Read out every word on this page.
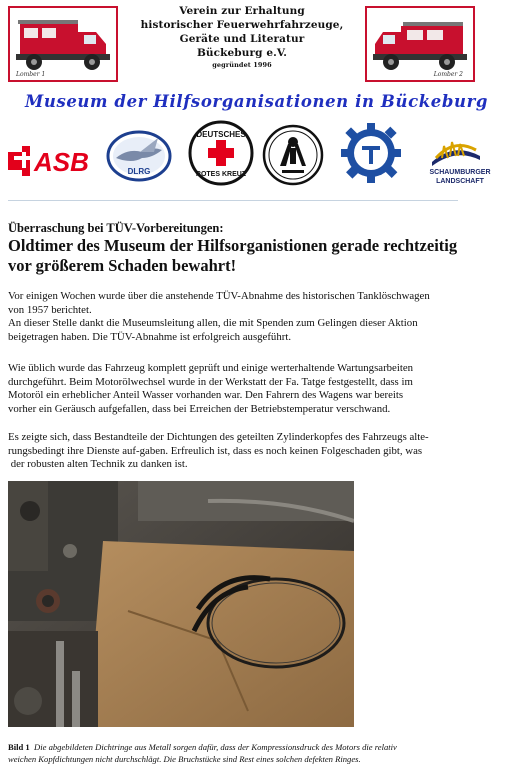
Lomber 1
Verein zur Erhaltung
historischer Feuerwehrfahrzeuge,
Geräte und Literatur
Bückeburg e.V.
gegründet 1996
Lomber 2
Museum der Hilfsorganisationen in Bückeburg
ASB	DLRG
DEUTSCHES
ROTES KREUZ
THW
SCHAUMBURGER
LANDSCHAFT
Überraschung bei TÜV-Vorbereitungen:
Oldtimer des Museum der Hilfsorganistionen gerade rechtzeitig
vor größerem Schaden bewahrt!
Vor einigen Wochen wurde über die anstehende TÜV-Abnahme des historischen Tanklöschwagen
von 1957 berichtet.
An dieser Stelle dankt die Museumsleitung allen, die mit Spenden zum Gelingen dieser Aktion
beigetragen haben. Die TÜV-Abnahme ist erfolgreich ausgeführt.
Wie üblich wurde das Fahrzeug komplett geprüft und einige werterhaltende Wartungsarbeiten
durchgeführt. Beim Motorölwechsel wurde in der Werkstatt der Fa. Tatge festgestellt, dass im
Motoröl ein erheblicher Anteil Wasser vorhanden war. Den Fahrern des Wagens war bereits
vorher ein Geräusch aufgefallen, dass bei Erreichen der Betriebstemperatur verschwand.
Es zeigte sich, dass Bestandteile der Dichtungen des geteilten Zylinderkopfes des Fahrzeugs alte-
rungsbedingt ihre Dienste auf-gaben. Erfreulich ist, dass es noch keinen Folgeschaden gibt, was
der robusten alten Technik zu danken ist.
Bild 1 Die abgebildeten Dichtringe aus Metall sorgen dafür, dass der Kompressionsdruck des Motors die relativ
weichen Kopfdichtungen nicht durchschlägt. Die Bruchstücke sind Rest eines solchen defekten Ringes.
